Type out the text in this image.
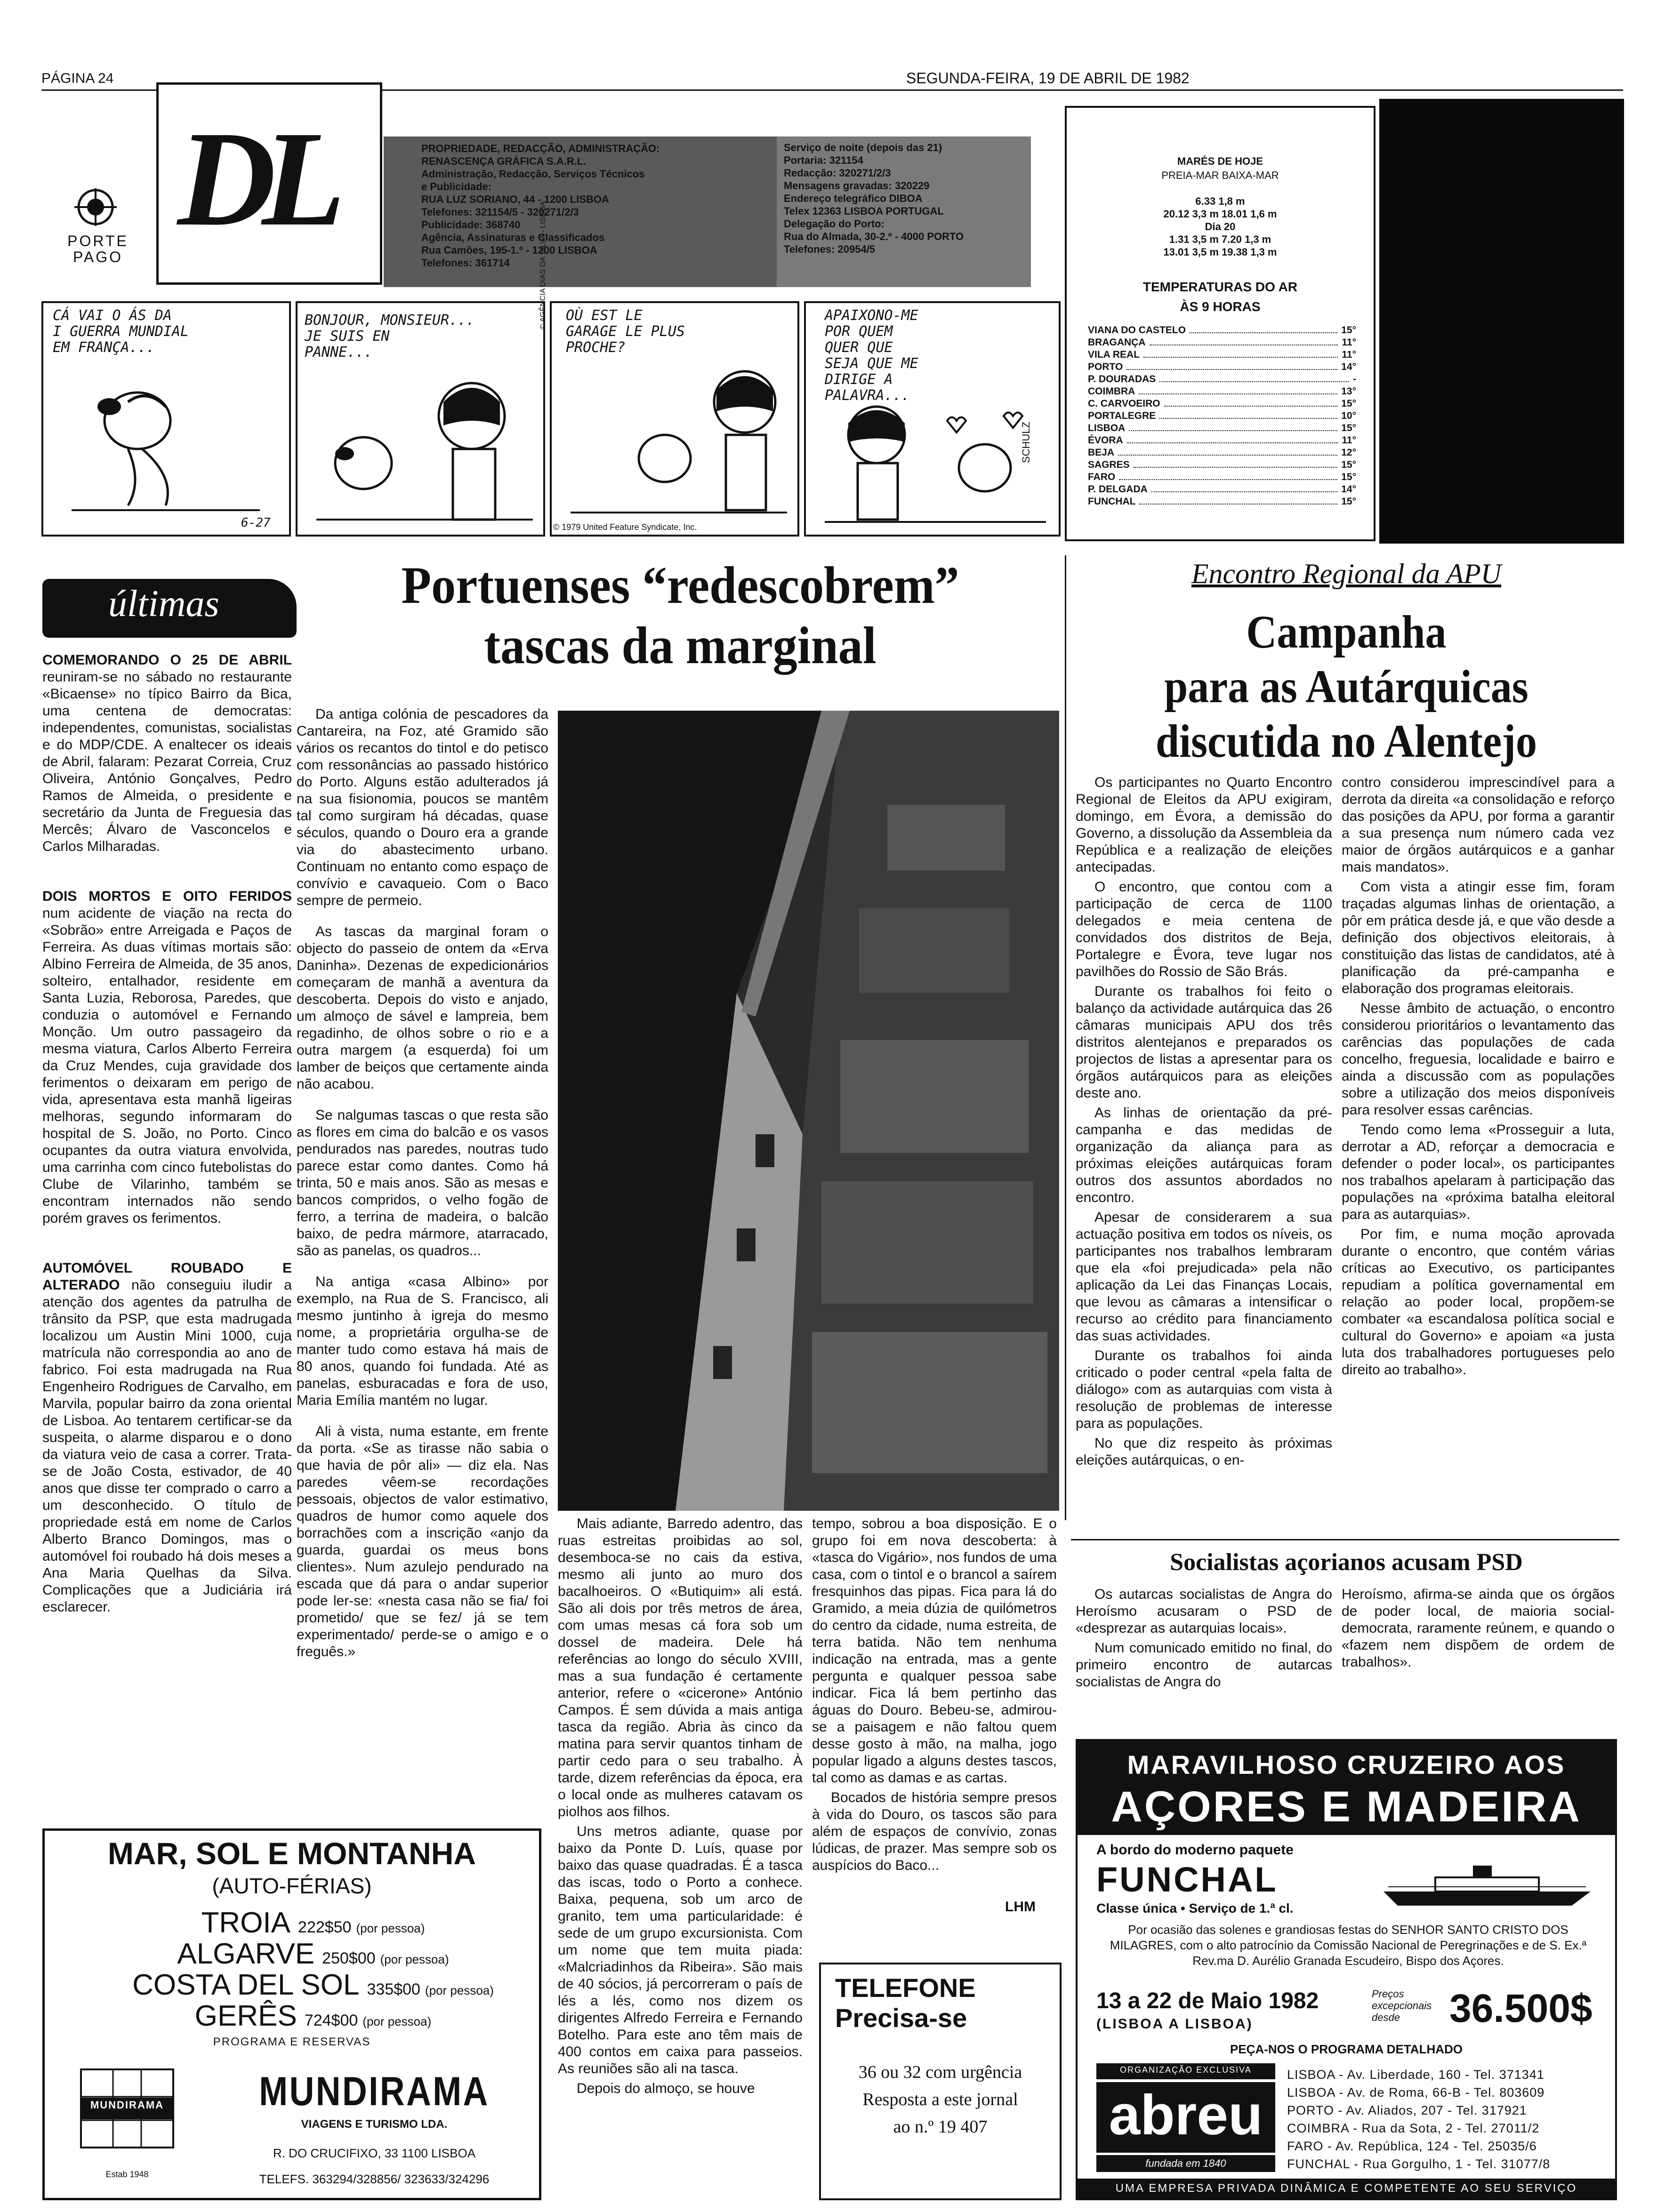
PÁGINA 24	SEGUNDA-FEIRA, 19 DE ABRIL DE 1982
PORTE
PAGO
DL	PROPRIEDADE, REDACÇÃO, ADMINISTRAÇÃO:
RENASCENÇA GRÁFICA S.A.R.L.
Administração, Redacção, Serviços Técnicos
e Publicidade:
RUA LUZ SORIANO, 44 - 1200 LISBOA
Telefones: 321154/5 - 320271/2/3
Publicidade: 368740
Agência, Assinaturas e Classificados
Rua Camões, 195-1.º - 1200 LISBOA
Telefones: 361714
Serviço de noite (depois das 21)
Portaria: 321154
Redacção: 320271/2/3
Mensagens gravadas: 320229
Endereço telegráfico DIBOA
Telex 12363 LISBOA PORTUGAL
Delegação do Porto:
Rua do Almada, 30-2.º - 4000 PORTO
Telefones: 20954/5
MARÉS DE HOJE
PREIA-MAR BAIXA-MAR
6.33 1,8 m
20.12 3,3 m 18.01 1,6 m
Dia 20
1.31 3,5 m 7.20 1,3 m
13.01 3,5 m 19.38 1,3 m
TEMPERATURAS DO AR
ÀS 9 HORAS
VIANA DO CASTELO	15°
BRAGANÇA	11°
VILA REAL	11°
PORTO	14°
P. DOURADAS	-
COIMBRA	13°
C. CARVOEIRO	15°
PORTALEGRE	10°
LISBOA	15°
ÉVORA	11°
BEJA	12°
SAGRES	15°
FARO	15°
P. DELGADA	14°
FUNCHAL	15°
CÁ VAI O ÁS DA
I GUERRA MUNDIAL
EM FRANÇA...
6-27
BONJOUR, MONSIEUR...
JE SUIS EN
PANNE...
OÙ EST LE
GARAGE LE PLUS
PROCHE?
APAIXONO-ME
POR QUEM
QUER QUE
SEJA QUE ME
DIRIGE A
PALAVRA...
SCHULZ
© AGÊNCIA DIAS DA SILVA - LISBOA
© 1979 United Feature Syndicate, Inc.
últimas

COMEMORANDO O 25 DE ABRIL reuniram-se no sábado no restaurante «Bicaense» no típico Bairro da Bica, uma centena de democratas: independentes, comunistas, socialistas e do MDP/CDE. A enaltecer os ideais de Abril, falaram: Pezarat Correia, Cruz Oliveira, António Gonçalves, Pedro Ramos de Almeida, o presidente e secretário da Junta de Freguesia das Mercês; Álvaro de Vasconcelos e Carlos Milharadas.

DOIS MORTOS E OITO FERIDOS num acidente de viação na recta do «Sobrão» entre Arreigada e Paços de Ferreira. As duas vítimas mortais são: Albino Ferreira de Almeida, de 35 anos, solteiro, entalhador, residente em Santa Luzia, Reborosa, Paredes, que conduzia o automóvel e Fernando Monção. Um outro passageiro da mesma viatura, Carlos Alberto Ferreira da Cruz Mendes, cuja gravidade dos ferimentos o deixaram em perigo de vida, apresentava esta manhã ligeiras melhoras, segundo informaram do hospital de S. João, no Porto. Cinco ocupantes da outra viatura envolvida, uma carrinha com cinco futebolistas do Clube de Vilarinho, também se encontram internados não sendo porém graves os ferimentos.

AUTOMÓVEL ROUBADO E ALTERADO não conseguiu iludir a atenção dos agentes da patrulha de trânsito da PSP, que esta madrugada localizou um Austin Mini 1000, cuja matrícula não correspondia ao ano de fabrico. Foi esta madrugada na Rua Engenheiro Rodrigues de Carvalho, em Marvila, popular bairro da zona oriental de Lisboa. Ao tentarem certificar-se da suspeita, o alarme disparou e o dono da viatura veio de casa a correr. Trata-se de João Costa, estivador, de 40 anos que disse ter comprado o carro a um desconhecido. O título de propriedade está em nome de Carlos Alberto Branco Domingos, mas o automóvel foi roubado há dois meses a Ana Maria Quelhas da Silva. Complicações que a Judiciária irá esclarecer.

Portuenses “redescobrem”
tascas da marginal

Da antiga colónia de pescadores da Cantareira, na Foz, até Gramido são vários os recantos do tintol e do petisco com ressonâncias ao passado histórico do Porto. Alguns estão adulterados já na sua fisionomia, poucos se mantêm tal como surgiram há décadas, quase séculos, quando o Douro era a grande via do abastecimento urbano. Continuam no entanto como espaço de convívio e cavaqueio. Com o Baco sempre de permeio.

As tascas da marginal foram o objecto do passeio de ontem da «Erva Daninha». Dezenas de expedicionários começaram de manhã a aventura da descoberta. Depois do visto e anjado, um almoço de sável e lampreia, bem regadinho, de olhos sobre o rio e a outra margem (a esquerda) foi um lamber de beiços que certamente ainda não acabou.

Se nalgumas tascas o que resta são as flores em cima do balcão e os vasos pendurados nas paredes, noutras tudo parece estar como dantes. Como há trinta, 50 e mais anos. São as mesas e bancos compridos, o velho fogão de ferro, a terrina de madeira, o balcão baixo, de pedra mármore, atarracado, são as panelas, os quadros...

Na antiga «casa Albino» por exemplo, na Rua de S. Francisco, ali mesmo juntinho à igreja do mesmo nome, a proprietária orgulha-se de manter tudo como estava há mais de 80 anos, quando foi fundada. Até as panelas, esburacadas e fora de uso, Maria Emília mantém no lugar.

Ali à vista, numa estante, em frente da porta. «Se as tirasse não sabia o que havia de pôr ali» — diz ela. Nas paredes vêem-se recordações pessoais, objectos de valor estimativo, quadros de humor como aquele dos borrachões com a inscrição «anjo da guarda, guardai os meus bons clientes». Num azulejo pendurado na escada que dá para o andar superior pode ler-se: «nesta casa não se fia/ foi prometido/ que se fez/ já se tem experimentado/ perde-se o amigo e o freguês.»

Mais adiante, Barredo adentro, das ruas estreitas proibidas ao sol, desemboca-se no cais da estiva, mesmo ali junto ao muro dos bacalhoeiros. O «Butiquim» ali está. São ali dois por três metros de área, com umas mesas cá fora sob um dossel de madeira. Dele há referências ao longo do século XVIII, mas a sua fundação é certamente anterior, refere o «cicerone» António Campos. É sem dúvida a mais antiga tasca da região. Abria às cinco da matina para servir quantos tinham de partir cedo para o seu trabalho. À tarde, dizem referências da época, era o local onde as mulheres catavam os piolhos aos filhos.

Uns metros adiante, quase por baixo da Ponte D. Luís, quase por baixo das quase quadradas. É a tasca das iscas, todo o Porto a conhece. Baixa, pequena, sob um arco de granito, tem uma particularidade: é sede de um grupo excursionista. Com um nome que tem muita piada: «Malcriadinhos da Ribeira». São mais de 40 sócios, já percorreram o país de lés a lés, como nos dizem os dirigentes Alfredo Ferreira e Fernando Botelho. Para este ano têm mais de 400 contos em caixa para passeios. As reuniões são ali na tasca.

Depois do almoço, se houve

tempo, sobrou a boa disposição. E o grupo foi em nova descoberta: à «tasca do Vigário», nos fundos de uma casa, com o tintol e o brancol a saírem fresquinhos das pipas. Fica para lá do Gramido, a meia dúzia de quilómetros do centro da cidade, numa estreita, de terra batida. Não tem nenhuma indicação na entrada, mas a gente pergunta e qualquer pessoa sabe indicar. Fica lá bem pertinho das águas do Douro. Bebeu-se, admirou-se a paisagem e não faltou quem desse gosto à mão, na malha, jogo popular ligado a alguns destes tascos, tal como as damas e as cartas.

Bocados de história sempre presos à vida do Douro, os tascos são para além de espaços de convívio, zonas lúdicas, de prazer. Mas sempre sob os auspícios do Baco...

LHM
Encontro Regional da APU
Campanha
para as Autárquicas
discutida no Alentejo

Os participantes no Quarto Encontro Regional de Eleitos da APU exigiram, domingo, em Évora, a demissão do Governo, a dissolução da Assembleia da República e a realização de eleições antecipadas.

O encontro, que contou com a participação de cerca de 1100 delegados e meia centena de convidados dos distritos de Beja, Portalegre e Évora, teve lugar nos pavilhões do Rossio de São Brás.

Durante os trabalhos foi feito o balanço da actividade autárquica das 26 câmaras municipais APU dos três distritos alentejanos e preparados os projectos de listas a apresentar para os órgãos autárquicos para as eleições deste ano.

As linhas de orientação da pré-campanha e das medidas de organização da aliança para as próximas eleições autárquicas foram outros dos assuntos abordados no encontro.

Apesar de considerarem a sua actuação positiva em todos os níveis, os participantes nos trabalhos lembraram que ela «foi prejudicada» pela não aplicação da Lei das Finanças Locais, que levou as câmaras a intensificar o recurso ao crédito para financiamento das suas actividades.

Durante os trabalhos foi ainda criticado o poder central «pela falta de diálogo» com as autarquias com vista à resolução de problemas de interesse para as populações.

No que diz respeito às próximas eleições autárquicas, o en-

contro considerou imprescindível para a derrota da direita «a consolidação e reforço das posições da APU, por forma a garantir a sua presença num número cada vez maior de órgãos autárquicos e a ganhar mais mandatos».

Com vista a atingir esse fim, foram traçadas algumas linhas de orientação, a pôr em prática desde já, e que vão desde a definição dos objectivos eleitorais, à constituição das listas de candidatos, até à planificação da pré-campanha e elaboração dos programas eleitorais.

Nesse âmbito de actuação, o encontro considerou prioritários o levantamento das carências das populações de cada concelho, freguesia, localidade e bairro e ainda a discussão com as populações sobre a utilização dos meios disponíveis para resolver essas carências.

Tendo como lema «Prosseguir a luta, derrotar a AD, reforçar a democracia e defender o poder local», os participantes nos trabalhos apelaram à participação das populações na «próxima batalha eleitoral para as autarquias».

Por fim, e numa moção aprovada durante o encontro, que contém várias críticas ao Executivo, os participantes repudiam a política governamental em relação ao poder local, propõem-se combater «a escandalosa política social e cultural do Governo» e apoiam «a justa luta dos trabalhadores portugueses pelo direito ao trabalho».

Socialistas açorianos acusam PSD

Os autarcas socialistas de Angra do Heroísmo acusaram o PSD de «desprezar as autarquias locais».

Num comunicado emitido no final, do primeiro encontro de autarcas socialistas de Angra do

Heroísmo, afirma-se ainda que os órgãos de poder local, de maioria social-democrata, raramente reúnem, e quando o «fazem nem dispõem de ordem de trabalhos».

MAR, SOL E MONTANHA
(AUTO-FÉRIAS)
TROIA 222$50 (por pessoa)
ALGARVE 250$00 (por pessoa)
COSTA DEL SOL 335$00 (por pessoa)
GERÊS 724$00 (por pessoa)
PROGRAMA E RESERVAS
MUNDIRAMA
Estab 1948
MUNDIRAMA
VIAGENS E TURISMO LDA.
R. DO CRUCIFIXO, 33 1100 LISBOA
TELEFS. 363294/328856/ 323633/324296
TELEFONE
Precisa-se
36 ou 32 com urgência
Resposta a este jornal
ao n.º 19 407
MARAVILHOSO CRUZEIRO AOS
AÇORES E MADEIRA
A bordo do moderno paquete
FUNCHAL
Classe única • Serviço de 1.ª cl.
Por ocasião das solenes e grandiosas festas do SENHOR SANTO CRISTO DOS MILAGRES, com o alto patrocínio da Comissão Nacional de Peregrinações e de S. Ex.ª Rev.ma D. Aurélio Granada Escudeiro, Bispo dos Açores.
13 a 22 de Maio 1982
(LISBOA A LISBOA)
Preços
excepcionais
desde	36.500$
PEÇA-NOS O PROGRAMA DETALHADO
ORGANIZAÇÃO EXCLUSIVA
abreu
fundada em 1840
LISBOA - Av. Liberdade, 160 - Tel. 371341
LISBOA - Av. de Roma, 66-B - Tel. 803609
PORTO - Av. Aliados, 207 - Tel. 317921
COIMBRA - Rua da Sota, 2 - Tel. 27011/2
FARO - Av. República, 124 - Tel. 25035/6
FUNCHAL - Rua Gorgulho, 1 - Tel. 31077/8
UMA EMPRESA PRIVADA DINÂMICA E COMPETENTE AO SEU SERVIÇO
